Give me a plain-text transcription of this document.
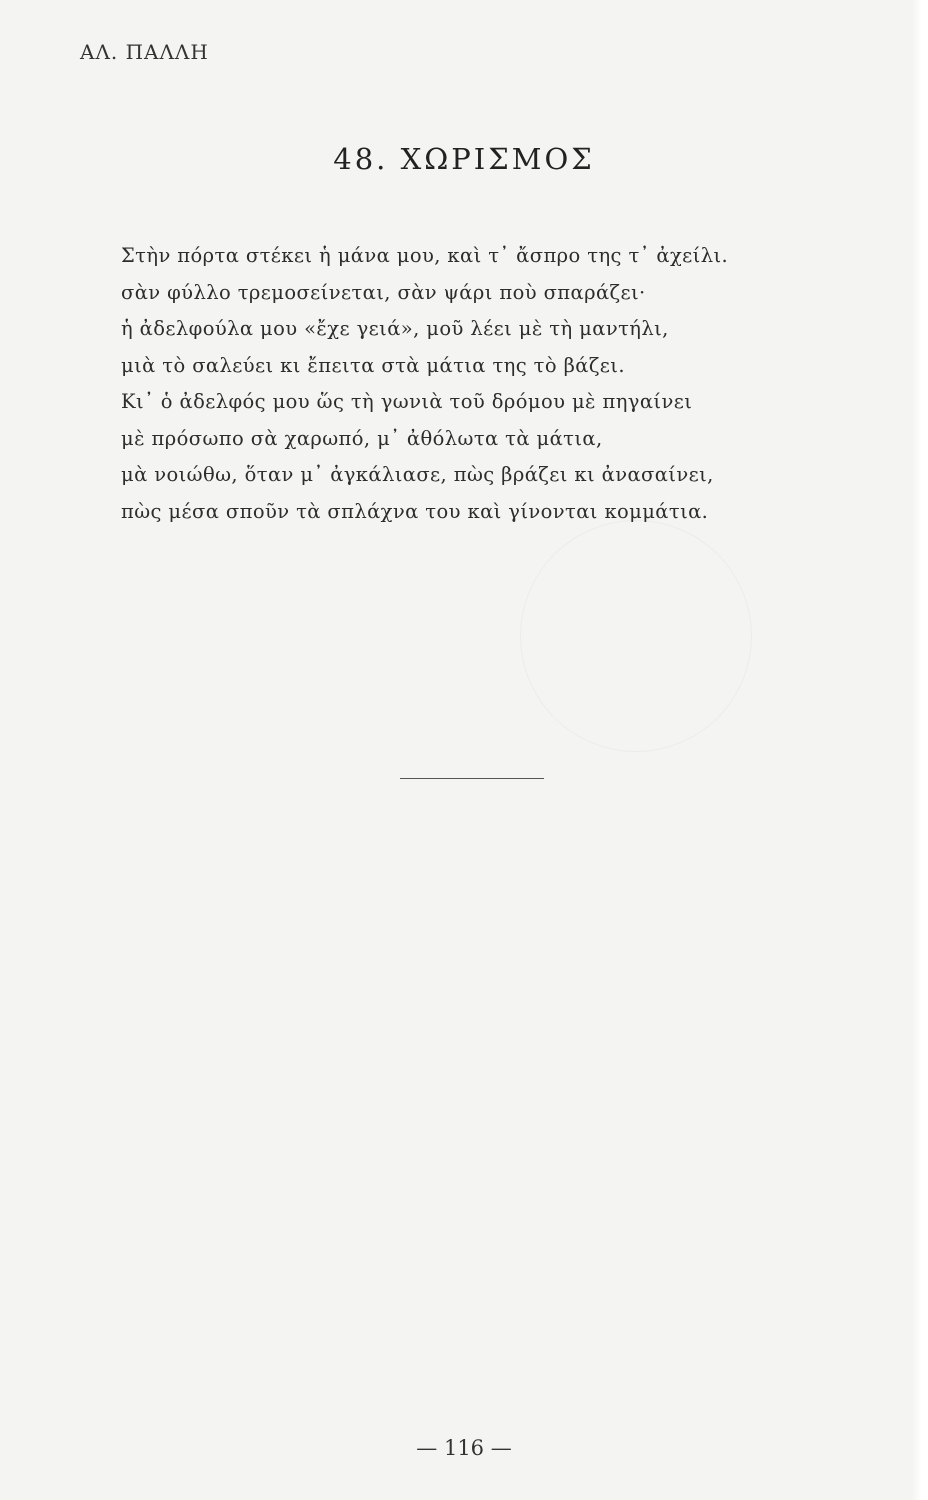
ΑΛ. ΠΑΛΛΗ
48. ΧΩΡΙΣΜΟΣ
Στὴν πόρτα στέκει ἡ μάνα μου, καὶ τ᾽ ἄσπρο της τ᾽ ἀχείλι.
σὰν φύλλο τρεμοσείνεται, σὰν ψάρι ποὺ σπαράζει·
ἡ ἀδελφούλα μου «ἔχε γειά», μοῦ λέει μὲ τὴ μαντήλι,
μιὰ τὸ σαλεύει κι ἔπειτα στὰ μάτια της τὸ βάζει.
Κι᾽ ὁ ἀδελφός μου ὥς τὴ γωνιὰ τοῦ δρόμου μὲ πηγαίνει
μὲ πρόσωπο σὰ χαρωπό, μ᾽ ἀθόλωτα τὰ μάτια,
μὰ νοιώθω, ὅταν μ᾽ ἀγκάλιασε, πὼς βράζει κι ἀνασαίνει,
πὼς μέσα σποῦν τὰ σπλάχνα του καὶ γίνονται κομμάτια.
— 116 —
